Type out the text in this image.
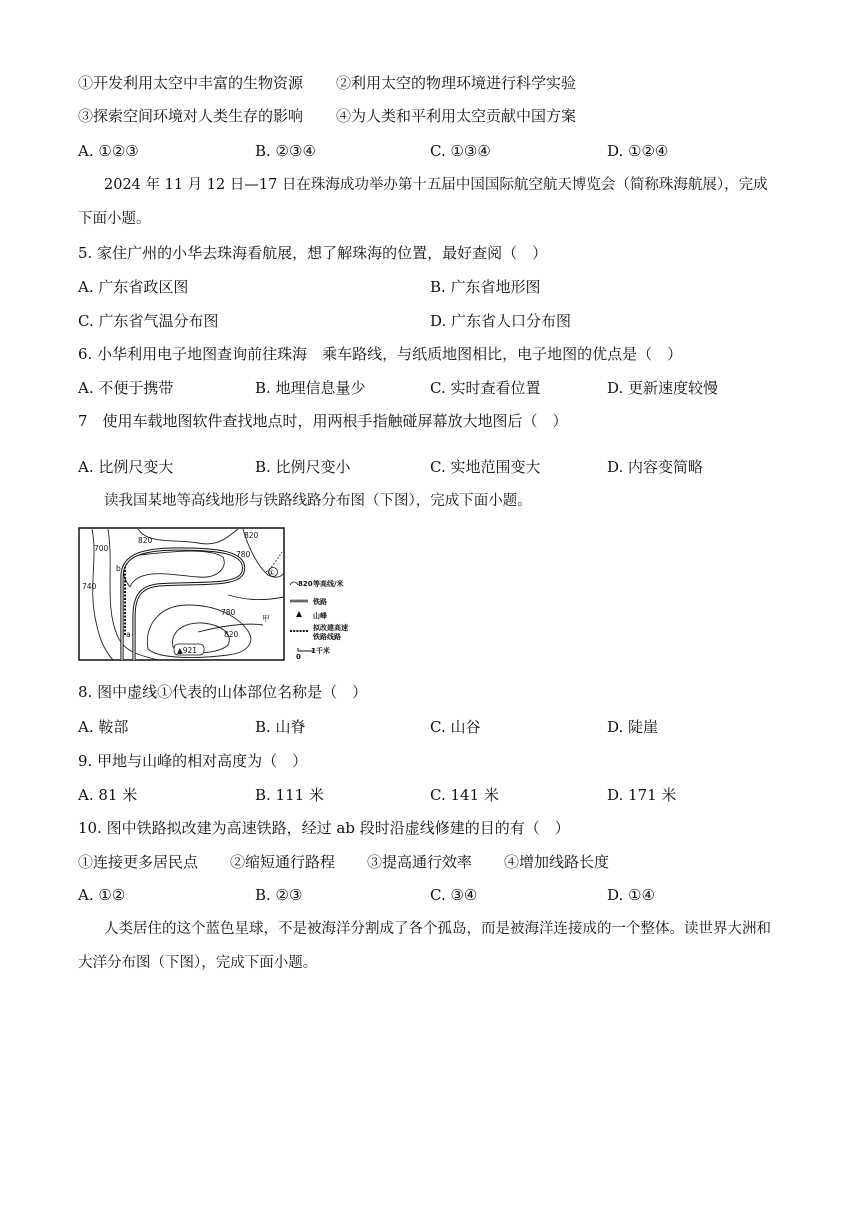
①开发利用太空中丰富的生物资源 ②利用太空的物理环境进行科学实验
③探索空间环境对人类生存的影响 ④为人类和平利用太空贡献中国方案
A. ①②③	B. ②③④	C. ①③④	D. ①②④
2024 年 11 月 12 日—17 日在珠海成功举办第十五届中国国际航空航天博览会（简称珠海航展），完成下面小题。
5. 家住广州的小华去珠海看航展，想了解珠海的位置，最好查阅（　）
A. 广东省政区图	B. 广东省地形图
C. 广东省气温分布图	D. 广东省人口分布图
6. 小华利用电子地图查询前往珠海　乘车路线，与纸质地图相比，电子地图的优点是（　）
A. 不便于携带	B. 地理信息量少	C. 实时查看位置	D. 更新速度较慢
7　使用车载地图软件查找地点时，用两根手指触碰屏幕放大地图后（　）
A. 比例尺变大	B. 比例尺变小	C. 实地范围变大	D. 内容变简略
读我国某地等高线地形与铁路线路分布图（下图），完成下面小题。
700
820
780
820
740
780
820
b
a
甲
①
▲921
820 等高线/米
铁路
山峰
拟改建高速
铁路线路
0
1千米
8. 图中虚线①代表的山体部位名称是（　）
A. 鞍部	B. 山脊	C. 山谷	D. 陡崖
9. 甲地与山峰的相对高度为（　）
A. 81 米	B. 111 米	C. 141 米	D. 171 米
10. 图中铁路拟改建为高速铁路，经过 ab 段时沿虚线修建的目的有（　）
①连接更多居民点 ②缩短通行路程 ③提高通行效率 ④增加线路长度
A. ①②	B. ②③	C. ③④	D. ①④
人类居住的这个蓝色星球，不是被海洋分割成了各个孤岛，而是被海洋连接成的一个整体。读世界大洲和大洋分布图（下图），完成下面小题。
